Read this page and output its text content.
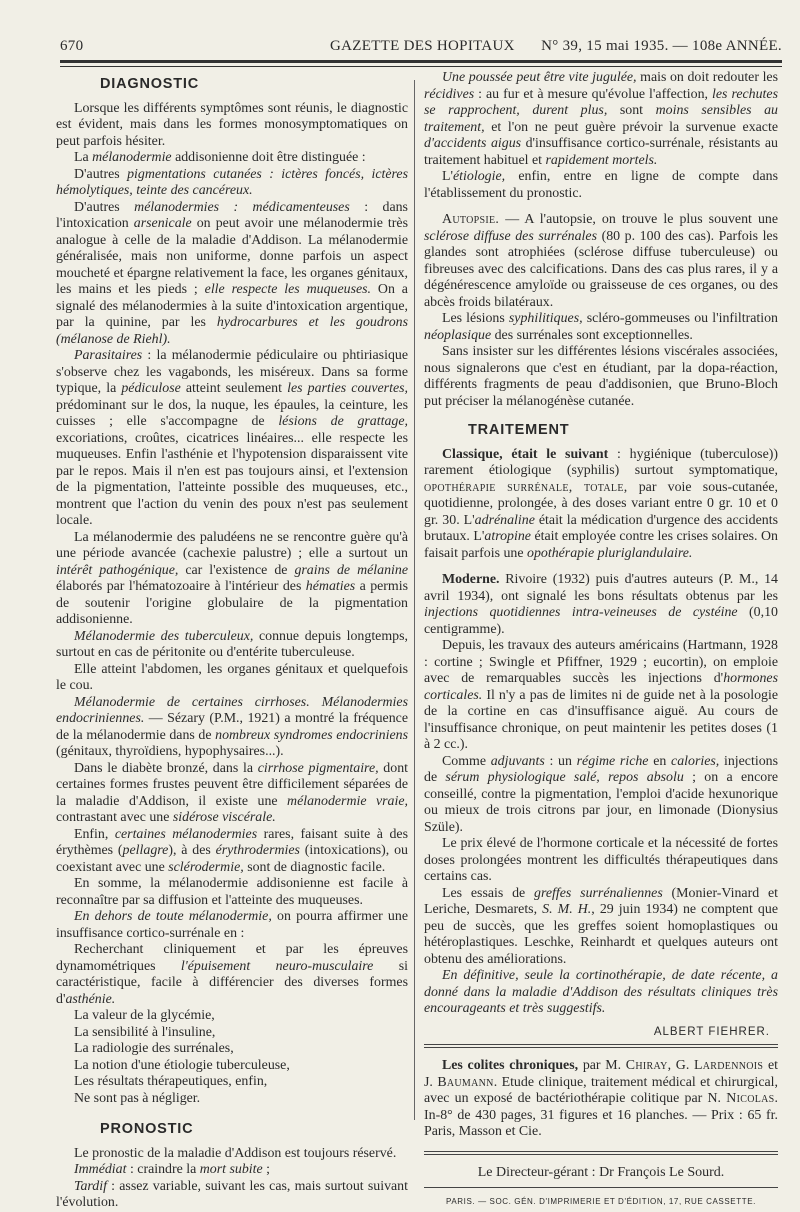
670	GAZETTE DES HOPITAUX N° 39, 15 mai 1935. — 108e ANNÉE.
DIAGNOSTIC

Lorsque les différents symptômes sont réunis, le diagnostic est évident, mais dans les formes monosymptomatiques on peut parfois hésiter.

La mélanodermie addisonienne doit être distinguée :

D'autres pigmentations cutanées : ictères foncés, ictères hémolytiques, teinte des cancéreux.

D'autres mélanodermies : médicamenteuses : dans l'intoxication arsenicale on peut avoir une mélanodermie très analogue à celle de la maladie d'Addison. La mélanodermie généralisée, mais non uniforme, donne parfois un aspect moucheté et épargne relativement la face, les organes génitaux, les mains et les pieds ; elle respecte les muqueuses. On a signalé des mélanodermies à la suite d'intoxication argentique, par la quinine, par les hydrocarbures et les goudrons (mélanose de Riehl).

Parasitaires : la mélanodermie pédiculaire ou phtiriasique s'observe chez les vagabonds, les miséreux. Dans sa forme typique, la pédiculose atteint seulement les parties couvertes, prédominant sur le dos, la nuque, les épaules, la ceinture, les cuisses ; elle s'accompagne de lésions de grattage, excoriations, croûtes, cicatrices linéaires... elle respecte les muqueuses. Enfin l'asthénie et l'hypotension disparaissent vite par le repos. Mais il n'en est pas toujours ainsi, et l'extension de la pigmentation, l'atteinte possible des muqueuses, etc., montrent que l'action du venin des poux n'est pas seulement locale.

La mélanodermie des paludéens ne se rencontre guère qu'à une période avancée (cachexie palustre) ; elle a surtout un intérêt pathogénique, car l'existence de grains de mélanine élaborés par l'hématozoaire à l'intérieur des hématies a permis de soutenir l'origine globulaire de la pigmentation addisonienne.

Mélanodermie des tuberculeux, connue depuis longtemps, surtout en cas de péritonite ou d'entérite tuberculeuse.

Elle atteint l'abdomen, les organes génitaux et quelquefois le cou.

Mélanodermie de certaines cirrhoses. Mélanodermies endocriniennes. — Sézary (P.M., 1921) a montré la fréquence de la mélanodermie dans de nombreux syndromes endocriniens (génitaux, thyroïdiens, hypophysaires...).

Dans le diabète bronzé, dans la cirrhose pigmentaire, dont certaines formes frustes peuvent être difficilement séparées de la maladie d'Addison, il existe une mélanodermie vraie, contrastant avec une sidérose viscérale.

Enfin, certaines mélanodermies rares, faisant suite à des érythèmes (pellagre), à des érythrodermies (intoxications), ou coexistant avec une sclérodermie, sont de diagnostic facile.

En somme, la mélanodermie addisonienne est facile à reconnaître par sa diffusion et l'atteinte des muqueuses.

En dehors de toute mélanodermie, on pourra affirmer une insuffisance cortico-surrénale en :

Recherchant cliniquement et par les épreuves dynamométriques l'épuisement neuro-musculaire si caractéristique, facile à différencier des diverses formes d'asthénie.

La valeur de la glycémie,

La sensibilité à l'insuline,

La radiologie des surrénales,

La notion d'une étiologie tuberculeuse,

Les résultats thérapeutiques, enfin,

Ne sont pas à négliger.

PRONOSTIC

Le pronostic de la maladie d'Addison est toujours réservé.

Immédiat : craindre la mort subite ;

Tardif : assez variable, suivant les cas, mais surtout suivant l'évolution.

Une poussée peut être vite jugulée, mais on doit redouter les récidives : au fur et à mesure qu'évolue l'affection, les rechutes se rapprochent, durent plus, sont moins sensibles au traitement, et l'on ne peut guère prévoir la survenue exacte d'accidents aigus d'insuffisance cortico-surrénale, résistants au traitement habituel et rapidement mortels.

L'étiologie, enfin, entre en ligne de compte dans l'établissement du pronostic.

Autopsie. — A l'autopsie, on trouve le plus souvent une sclérose diffuse des surrénales (80 p. 100 des cas). Parfois les glandes sont atrophiées (sclérose diffuse tuberculeuse) ou fibreuses avec des calcifications. Dans des cas plus rares, il y a dégénérescence amyloïde ou graisseuse de ces organes, ou des abcès froids bilatéraux.

Les lésions syphilitiques, scléro-gommeuses ou l'infiltration néoplasique des surrénales sont exceptionnelles.

Sans insister sur les différentes lésions viscérales associées, nous signalerons que c'est en étudiant, par la dopa-réaction, différents fragments de peau d'addisonien, que Bruno-Bloch put préciser la mélanogénèse cutanée.

TRAITEMENT

Classique, était le suivant : hygiénique (tuberculose)) rarement étiologique (syphilis) surtout symptomatique, opothérapie surrénale, totale, par voie sous-cutanée, quotidienne, prolongée, à des doses variant entre 0 gr. 10 et 0 gr. 30. L'adrénaline était la médication d'urgence des accidents brutaux. L'atropine était employée contre les crises solaires. On faisait parfois une opothérapie pluriglandulaire.

Moderne. Rivoire (1932) puis d'autres auteurs (P. M., 14 avril 1934), ont signalé les bons résultats obtenus par les injections quotidiennes intra-veineuses de cystéine (0,10 centigramme).

Depuis, les travaux des auteurs américains (Hartmann, 1928 : cortine ; Swingle et Pfiffner, 1929 ; eucortin), on emploie avec de remarquables succès les injections d'hormones corticales. Il n'y a pas de limites ni de guide net à la posologie de la cortine en cas d'insuffisance aiguë. Au cours de l'insuffisance chronique, on peut maintenir les petites doses (1 à 2 cc.).

Comme adjuvants : un régime riche en calories, injections de sérum physiologique salé, repos absolu ; on a encore conseillé, contre la pigmentation, l'emploi d'acide hexunorique ou mieux de trois citrons par jour, en limonade (Dionysius Szüle).

Le prix élevé de l'hormone corticale et la nécessité de fortes doses prolongées montrent les difficultés thérapeutiques dans certains cas.

Les essais de greffes surrénaliennes (Monier-Vinard et Leriche, Desmarets, S. M. H., 29 juin 1934) ne comptent que peu de succès, que les greffes soient homoplastiques ou hétéroplastiques. Leschke, Reinhardt et quelques auteurs ont obtenu des améliorations.

En définitive, seule la cortinothérapie, de date récente, a donné dans la maladie d'Addison des résultats cliniques très encourageants et très suggestifs.

ALBERT FIEHRER.

Les colites chroniques, par M. Chiray, G. Lardennois et J. Baumann. Etude clinique, traitement médical et chirurgical, avec un exposé de bactériothérapie colitique par N. Nicolas. In-8° de 430 pages, 31 figures et 16 planches. — Prix : 65 fr. Paris, Masson et Cie.

Le Directeur-gérant : Dr François Le Sourd.
PARIS. — SOC. GÉN. D'IMPRIMERIE ET D'ÉDITION, 17, RUE CASSETTE.
